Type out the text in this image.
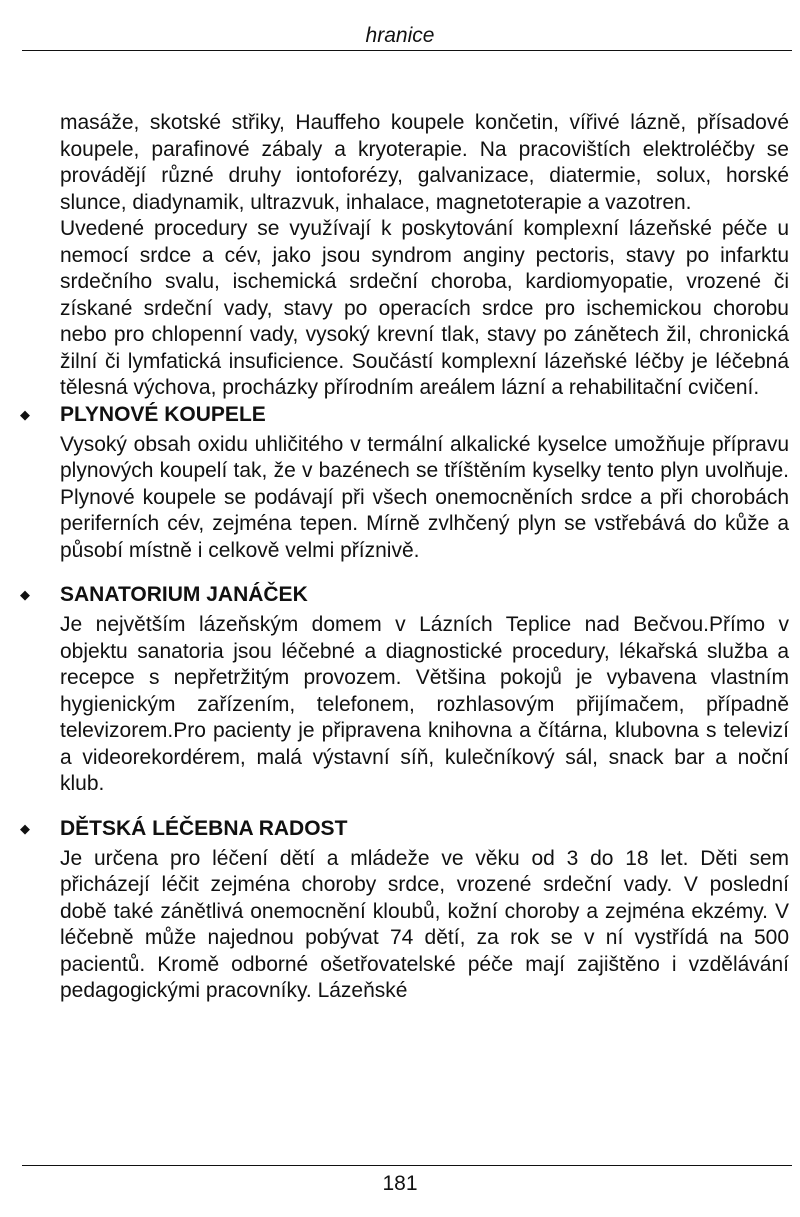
hranice

masáže, skotské střiky, Hauffeho koupele končetin, vířivé lázně, přísadové koupele, parafinové zábaly a kryoterapie. Na pracovištích elektroléčby se provádějí různé druhy iontoforézy, galvanizace, diatermie, solux, horské slunce, diadynamik, ultrazvuk, inhalace, magnetoterapie a vazotren.

Uvedené procedury se využívají k poskytování komplexní lázeňské péče u nemocí srdce a cév, jako jsou syndrom anginy pectoris, stavy po infarktu srdečního svalu, ischemická srdeční choroba, kardiomyopatie, vrozené či získané srdeční vady, stavy po operacích srdce pro ischemickou chorobu nebo pro chlopenní vady, vysoký krevní tlak, stavy po zánětech žil, chronická žilní či lymfatická insuficience. Součástí komplexní lázeňské léčby je léčebná tělesná výchova, procházky přírodním areálem lázní a rehabilitační cvičení.

◆ PLYNOVÉ KOUPELE

Vysoký obsah oxidu uhličitého v termální alkalické kyselce umožňuje přípravu plynových koupelí tak, že v bazénech se tříštěním kyselky tento plyn uvolňuje. Plynové koupele se podávají při všech onemocněních srdce a při chorobách periferních cév, zejména tepen. Mírně zvlhčený plyn se vstřebává do kůže a působí místně i celkově velmi příznivě.

◆ SANATORIUM JANÁČEK

Je největším lázeňským domem v Lázních Teplice nad Bečvou.Přímo v objektu sanatoria jsou léčebné a diagnostické procedury, lékařská služba a recepce s nepřetržitým provozem. Většina pokojů je vybavena vlastním hygienickým zařízením, telefonem, rozhlasovým přijímačem, případně televizorem.Pro pacienty je připravena knihovna a čítárna, klubovna s televizí a videorekordérem, malá výstavní síň, kulečníkový sál, snack bar a noční klub.

◆ DĚTSKÁ LÉČEBNA RADOST

Je určena pro léčení dětí a mládeže ve věku od 3 do 18 let. Děti sem přicházejí léčit zejména choroby srdce, vrozené srdeční vady. V poslední době také zánětlivá onemocnění kloubů, kožní choroby a zejména ekzémy. V léčebně může najednou pobývat 74 dětí, za rok se v ní vystřídá na 500 pacientů. Kromě odborné ošetřovatelské péče mají zajištěno i vzdělávání pedagogickými pracovníky. Lázeňské

181
